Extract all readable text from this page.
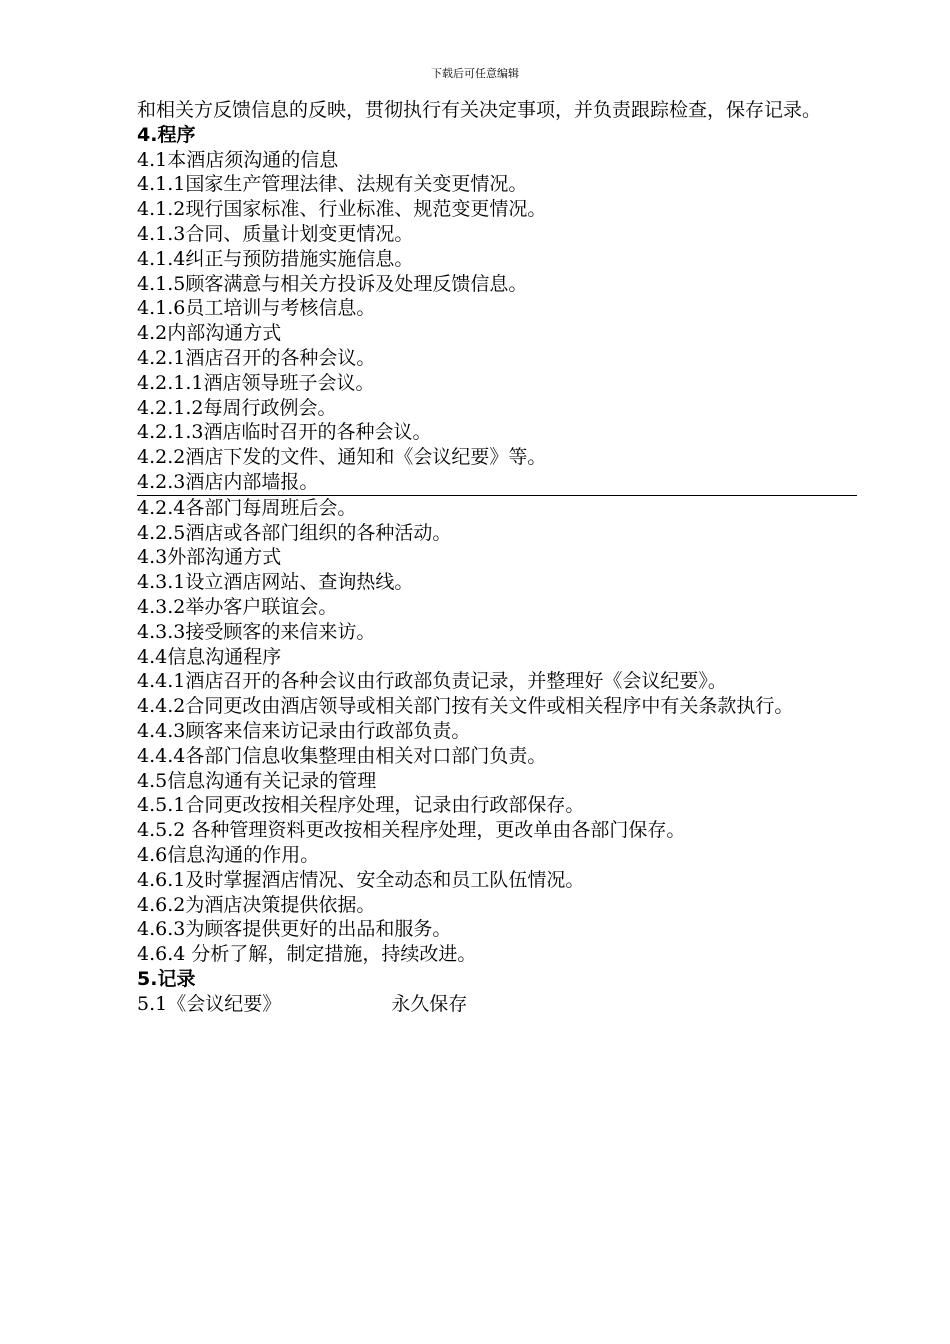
下载后可任意编辑
和相关方反馈信息的反映，贯彻执行有关决定事项，并负责跟踪检查，保存记录。
4.程序
4.1本酒店须沟通的信息
4.1.1国家生产管理法律、法规有关变更情况。
4.1.2现行国家标准、行业标准、规范变更情况。
4.1.3合同、质量计划变更情况。
4.1.4纠正与预防措施实施信息。
4.1.5顾客满意与相关方投诉及处理反馈信息。
4.1.6员工培训与考核信息。
4.2内部沟通方式
4.2.1酒店召开的各种会议。
4.2.1.1酒店领导班子会议。
4.2.1.2每周行政例会。
4.2.1.3酒店临时召开的各种会议。
4.2.2酒店下发的文件、通知和《会议纪要》等。
4.2.3酒店内部墙报。
4.2.4各部门每周班后会。
4.2.5酒店或各部门组织的各种活动。
4.3外部沟通方式
4.3.1设立酒店网站、查询热线。
4.3.2举办客户联谊会。
4.3.3接受顾客的来信来访。
4.4信息沟通程序
4.4.1酒店召开的各种会议由行政部负责记录，并整理好《会议纪要》。
4.4.2合同更改由酒店领导或相关部门按有关文件或相关程序中有关条款执行。
4.4.3顾客来信来访记录由行政部负责。
4.4.4各部门信息收集整理由相关对口部门负责。
4.5信息沟通有关记录的管理
4.5.1合同更改按相关程序处理，记录由行政部保存。
4.5.2 各种管理资料更改按相关程序处理，更改单由各部门保存。
4.6信息沟通的作用。
4.6.1及时掌握酒店情况、安全动态和员工队伍情况。
4.6.2为酒店决策提供依据。
4.6.3为顾客提供更好的出品和服务。
4.6.4 分析了解，制定措施，持续改进。
5.记录
5.1《会议纪要》	永久保存
